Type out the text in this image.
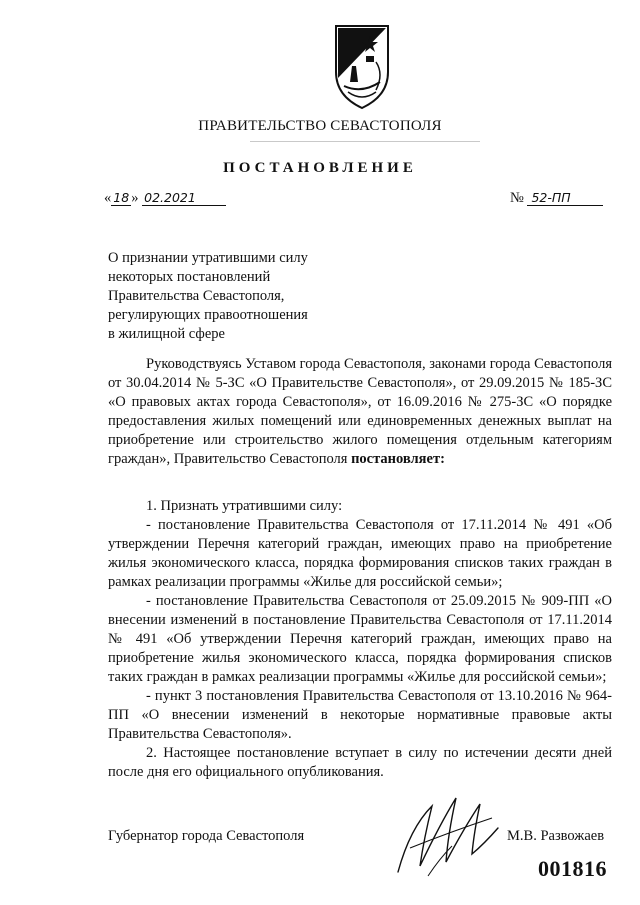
ПРАВИТЕЛЬСТВО СЕВАСТОПОЛЯ
ПОСТАНОВЛЕНИЕ
« 18 » 02.2021	№ 52-ПП
О признании утратившими силу
некоторых постановлений
Правительства Севастополя,
регулирующих правоотношения
в жилищной сфере

Руководствуясь Уставом города Севастополя, законами города Севастополя от 30.04.2014 № 5-ЗС «О Правительстве Севастополя», от 29.09.2015 № 185-ЗС «О правовых актах города Севастополя», от 16.09.2016 № 275-ЗС «О порядке предоставления жилых помещений или единовременных денежных выплат на приобретение или строительство жилого помещения отдельным категориям граждан», Правительство Севастополя постановляет:

1. Признать утратившими силу:

- постановление Правительства Севастополя от 17.11.2014 № 491 «Об утверждении Перечня категорий граждан, имеющих право на приобретение жилья экономического класса, порядка формирования списков таких граждан в рамках реализации программы «Жилье для российской семьи»;

- постановление Правительства Севастополя от 25.09.2015 № 909-ПП «О внесении изменений в постановление Правительства Севастополя от 17.11.2014 № 491 «Об утверждении Перечня категорий граждан, имеющих право на приобретение жилья экономического класса, порядка формирования списков таких граждан в рамках реализации программы «Жилье для российской семьи»;

- пункт 3 постановления Правительства Севастополя от 13.10.2016 № 964-ПП «О внесении изменений в некоторые нормативные правовые акты Правительства Севастополя».

2. Настоящее постановление вступает в силу по истечении десяти дней после дня его официального опубликования.

Губернатор города Севастополя	М.В. Развожаев
001816
